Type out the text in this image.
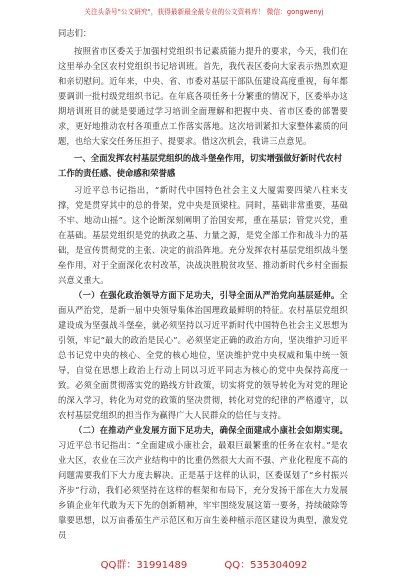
关注头条号"公文研究"，获得最新最全最专业的公文资料库！ 微信：gongwenyj
同志们：

按照省市区委关于加强村党组织书记素质能力提升的要求，今天，我们在这里举办全区农村党组织书记培训班。首先，我代表区委向大家表示热烈欢迎和亲切慰问。近年来，中央、省、市委对基层干部队伍建设高度重视，每年都要调训一批村级党组织书记。在年底各项任务十分繁重的情况下，区委举办这期培训班目的就是要通过学习培训全面理解和把握中央、省市区委的部署要求，更好地推动农村各项重点工作落实落地。这次培训紧扣大家整体素质的问题，也给大家交任务压担子、提要求。借这次机会，我讲三点意见。

一、全面发挥农村基层党组织的战斗堡垒作用，切实增强做好新时代农村工作的责任感、使命感和荣誉感

习近平总书记指出，“新时代中国特色社会主义大厦需要四梁八柱来支撑，党是贯穿其中的总的骨架，党中央是顶梁柱。同时，基础非常重要，基础不牢、地动山摇”。这个论断深刻阐明了治国安邦，重在基层；管党兴党，重在基础。基层党组织是党的执政之基、力量之源，是党全部工作和战斗力的基础，是宣传贯彻党的主张、决定的前沿阵地。充分发挥农村基层党组织战斗堡垒作用，对于全面深化农村改革，决战决胜脱贫攻坚、推动新时代乡村全面振兴意义重大。

（一）在强化政治领导方面下足功夫，引导全面从严治党向基层延伸。全面从严治党，是新一届中央领导集体治国理政最鲜明的特征。农村基层党组织建设成为坚强战斗堡垒，就必须坚持以习近平新时代中国特色社会主义思想为引领，牢记“最大的政治是民心”。必须坚定正确的政治方向，坚决维护习近平总书记党中央的核心、全党的核心地位，坚决维护党中央权威和集中统一领导，自觉在思想上政治上行动上同以习近平同志为核心的党中央保持高度一致。必须全面贯彻落实党的路线方针政策，切实将党的领导转化为对党的理论的深入学习，转化为对党的政策的坚决贯彻，转化对党的纪律的严格遵守，以农村基层党组织的担当作为赢得广大人民群众的信任与支持。

（二）在推动产业发展方面下足功夫，确保全面建成小康社会如期实现。习近平总书记指出：“全面建成小康社会，最艰巨最繁重的任务在农村。”是农业大区，农业在三次产业结构中的比重仍然很大大而不强、产业化程度不高的问题需要我们下大力度去解决。正是基于这样的认识，区委谋划了“乡村振兴齐步”行动，我们必须坚持在这样的框架和布局下，充分发扬干部在大力发展乡镇企业年代敢为天下先的创新精神，牢牢围绕发展这第一要务，持续破除等靠要思想，以万亩番茄生产示范区和万亩生姜种植示范区建设为典型，激发党员

QQ群：31991489	QQ：535304092
